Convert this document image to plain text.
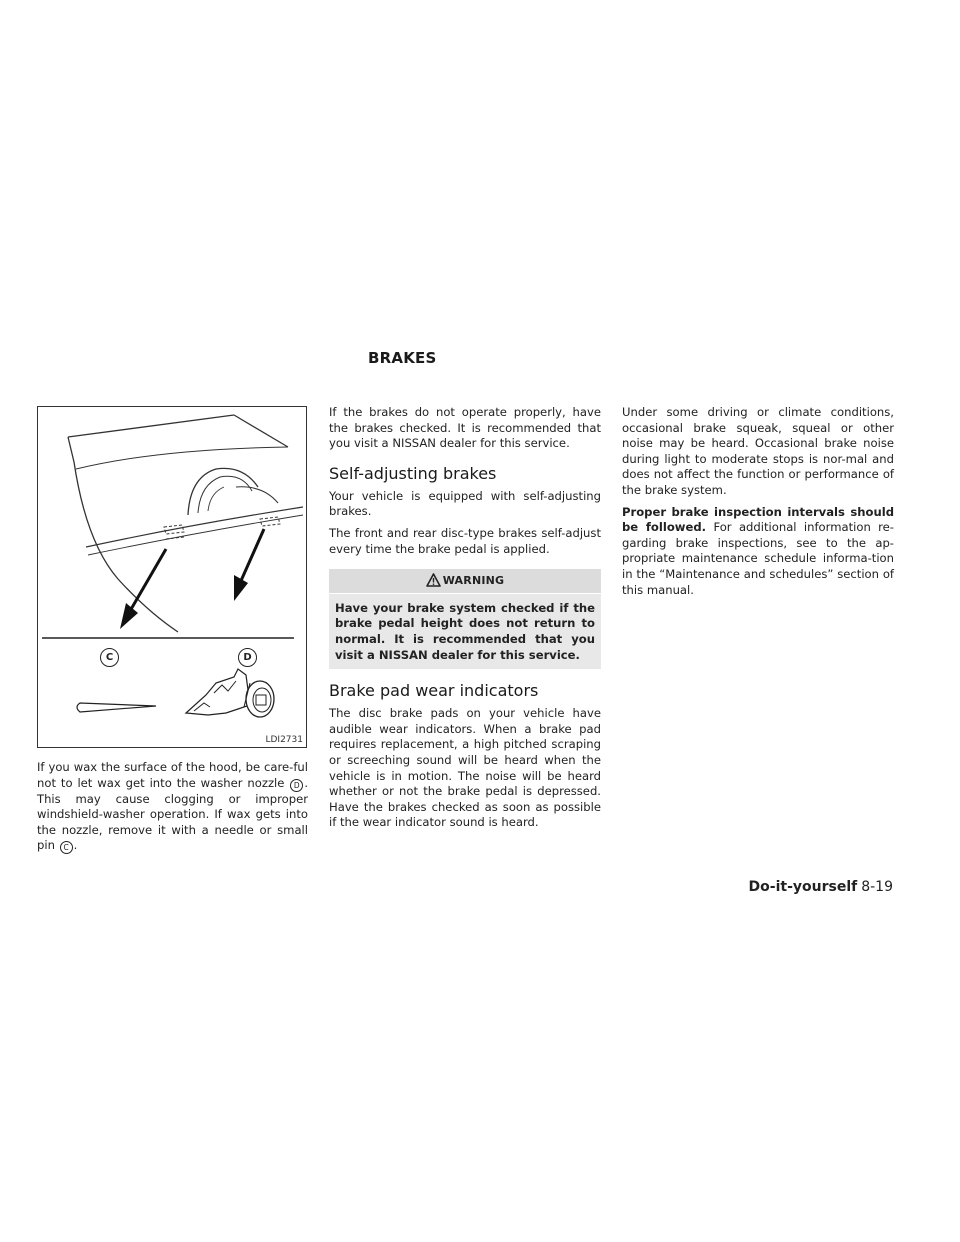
BRAKES
C	D
LDI2731

If you wax the surface of the hood, be care-ful not to let wax get into the washer nozzle D . This may cause clogging or improper windshield-washer operation. If wax gets into the nozzle, remove it with a needle or small pin C .

If the brakes do not operate properly, have the brakes checked. It is recommended that you visit a NISSAN dealer for this service.

Self-adjusting brakes

Your vehicle is equipped with self-adjusting brakes.

The front and rear disc-type brakes self-adjust every time the brake pedal is applied.

WARNING
Have your brake system checked if the brake pedal height does not return to normal. It is recommended that you visit a NISSAN dealer for this service.
Brake pad wear indicators

The disc brake pads on your vehicle have audible wear indicators. When a brake pad requires replacement, a high pitched scraping or screeching sound will be heard when the vehicle is in motion. The noise will be heard whether or not the brake pedal is depressed. Have the brakes checked as soon as possible if the wear indicator sound is heard.

Under some driving or climate conditions, occasional brake squeak, squeal or other noise may be heard. Occasional brake noise during light to moderate stops is nor-mal and does not affect the function or performance of the brake system.

Proper brake inspection intervals should be followed. For additional information re-garding brake inspections, see to the ap-propriate maintenance schedule informa-tion in the “Maintenance and schedules” section of this manual.

Do-it-yourself 8-19
